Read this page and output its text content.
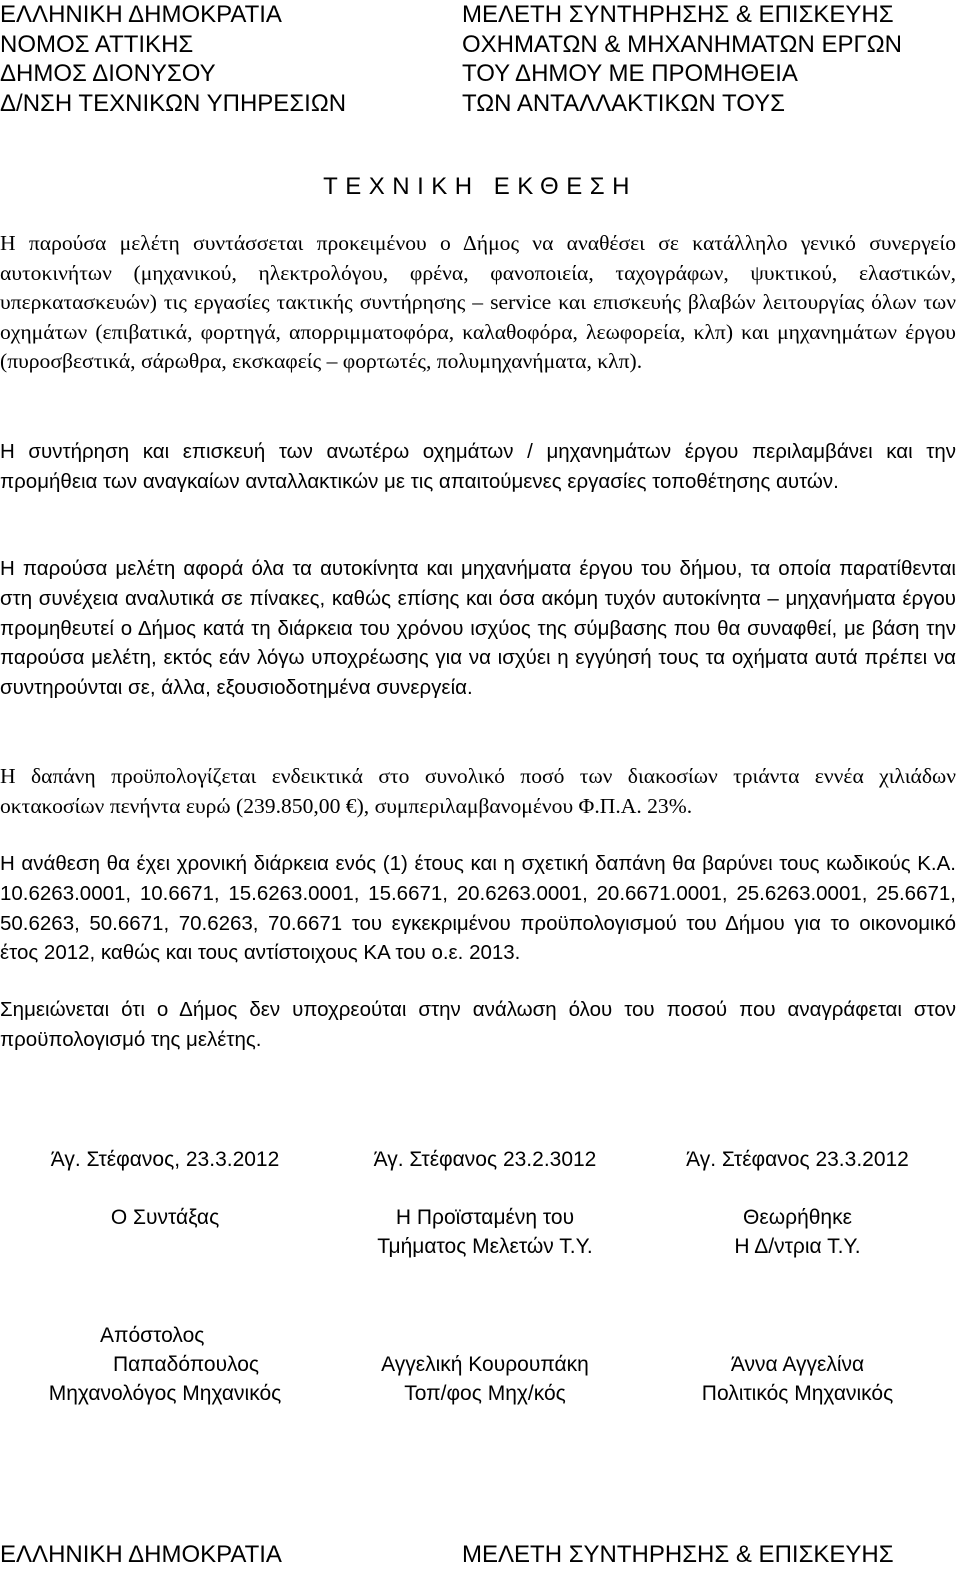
ΕΛΛΗΝΙΚΗ ΔΗΜΟΚΡΑΤΙΑ
ΝΟΜΟΣ ΑΤΤΙΚΗΣ
ΔΗΜΟΣ ΔΙΟΝΥΣΟΥ
Δ/ΝΣΗ ΤΕΧΝΙΚΩΝ ΥΠΗΡΕΣΙΩΝ
ΜΕΛΕΤΗ ΣΥΝΤΗΡΗΣΗΣ & ΕΠΙΣΚΕΥΗΣ
ΟΧΗΜΑΤΩΝ & ΜΗΧΑΝΗΜΑΤΩΝ ΕΡΓΩΝ
ΤΟΥ ΔΗΜΟΥ ΜΕ ΠΡΟΜΗΘΕΙΑ
ΤΩΝ ΑΝΤΑΛΛΑΚΤΙΚΩΝ ΤΟΥΣ
ΤΕΧΝΙΚΗ ΕΚΘΕΣΗ

Η παρούσα μελέτη συντάσσεται προκειμένου ο Δήμος να αναθέσει σε κατάλληλο γενικό συνεργείο αυτοκινήτων (μηχανικού, ηλεκτρολόγου, φρένα, φανοποιεία, ταχογράφων, ψυκτικού, ελαστικών, υπερκατασκευών) τις εργασίες τακτικής συντήρησης – service και επισκευής βλαβών λειτουργίας όλων των οχημάτων (επιβατικά, φορτηγά, απορριμματοφόρα, καλαθοφόρα, λεωφορεία, κλπ) και μηχανημάτων έργου (πυροσβεστικά, σάρωθρα, εκσκαφείς – φορτωτές, πολυμηχανήματα, κλπ).

Η συντήρηση και επισκευή των ανωτέρω οχημάτων / μηχανημάτων έργου περιλαμβάνει και την προμήθεια των αναγκαίων ανταλλακτικών με τις απαιτούμενες εργασίες τοποθέτησης αυτών.

Η παρούσα μελέτη αφορά όλα τα αυτοκίνητα και μηχανήματα έργου του δήμου, τα οποία παρατίθενται στη συνέχεια αναλυτικά σε πίνακες, καθώς επίσης και όσα ακόμη τυχόν αυτοκίνητα – μηχανήματα έργου προμηθευτεί ο Δήμος κατά τη διάρκεια του χρόνου ισχύος της σύμβασης που θα συναφθεί, με βάση την παρούσα μελέτη, εκτός εάν λόγω υποχρέωσης για να ισχύει η εγγύησή τους τα οχήματα αυτά πρέπει να συντηρούνται σε, άλλα, εξουσιοδοτημένα συνεργεία.

Η δαπάνη προϋπολογίζεται ενδεικτικά στο συνολικό ποσό των διακοσίων τριάντα εννέα χιλιάδων οκτακοσίων πενήντα ευρώ (239.850,00 €), συμπεριλαμβανομένου Φ.Π.Α. 23%.

Η ανάθεση θα έχει χρονική διάρκεια ενός (1) έτους και η σχετική δαπάνη θα βαρύνει τους κωδικούς Κ.Α. 10.6263.0001, 10.6671, 15.6263.0001, 15.6671, 20.6263.0001, 20.6671.0001, 25.6263.0001, 25.6671, 50.6263, 50.6671, 70.6263, 70.6671 του εγκεκριμένου προϋπολογισμού του Δήμου για το οικονομικό έτος 2012, καθώς και τους αντίστοιχους ΚΑ του ο.ε. 2013.

Σημειώνεται ότι ο Δήμος δεν υποχρεούται στην ανάλωση όλου του ποσού που αναγράφεται στον προϋπολογισμό της μελέτης.

Άγ. Στέφανος, 23.3.2012
Ο Συντάξας
Απόστολος
Παπαδόπουλος
Μηχανολόγος Μηχανικός
Άγ. Στέφανος 23.2.3012
Η Προϊσταμένη του
Τμήματος Μελετών Τ.Υ.
Αγγελική Κουρουπάκη
Τοπ/φος Μηχ/κός
Άγ. Στέφανος 23.3.2012
Θεωρήθηκε
Η Δ/ντρια Τ.Υ.
Άννα Αγγελίνα
Πολιτικός Μηχανικός
ΕΛΛΗΝΙΚΗ ΔΗΜΟΚΡΑΤΙΑ	ΜΕΛΕΤΗ ΣΥΝΤΗΡΗΣΗΣ & ΕΠΙΣΚΕΥΗΣ
